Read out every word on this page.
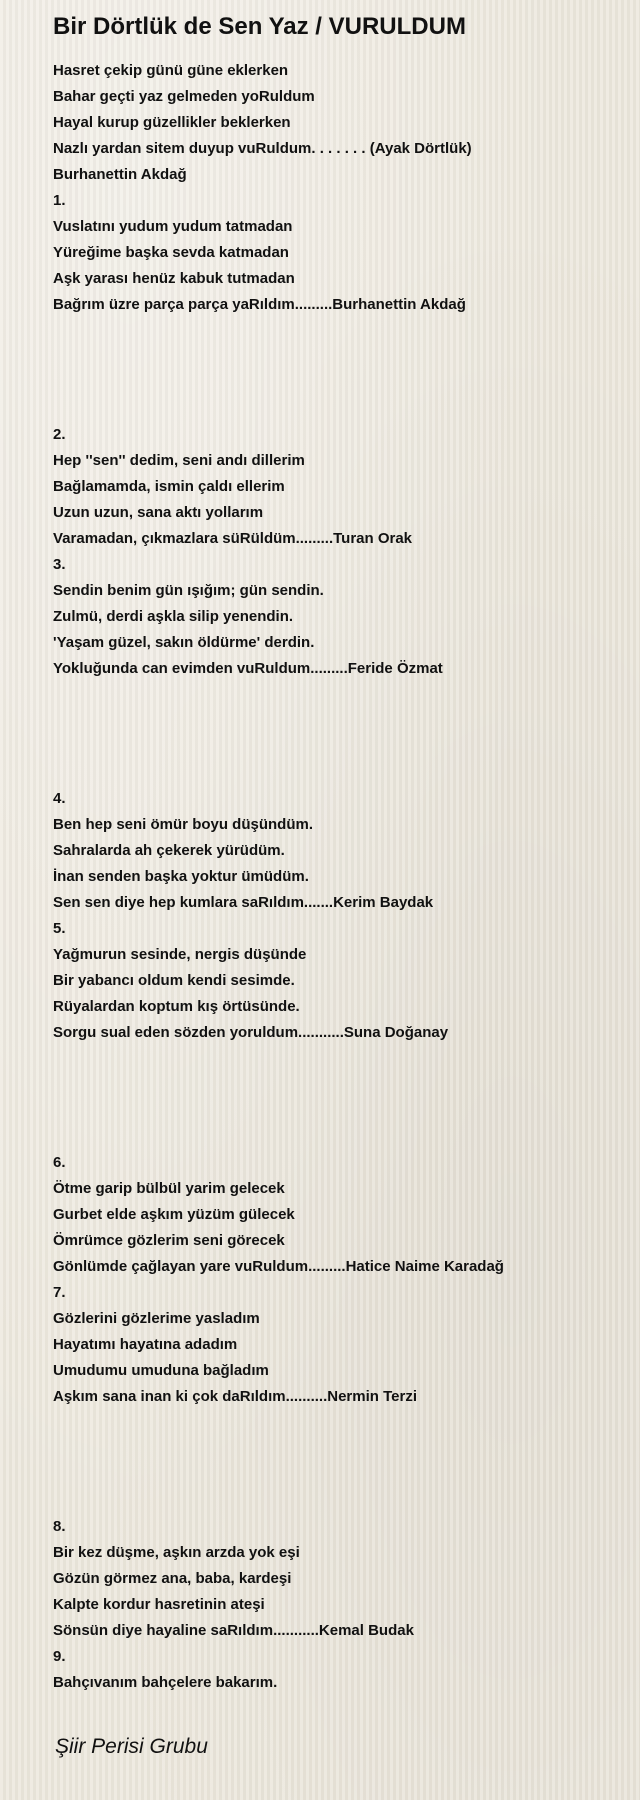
Bir Dörtlük de Sen Yaz / VURULDUM
Hasret çekip günü güne eklerken
Bahar geçti yaz gelmeden yoRuldum
Hayal kurup güzellikler beklerken
Nazlı yardan sitem duyup vuRuldum. . . . . . . (Ayak Dörtlük)
Burhanettin Akdağ
1.
Vuslatını yudum yudum tatmadan
Yüreğime başka sevda katmadan
Aşk yarası henüz kabuk tutmadan
Bağrım üzre parça parça yaRıldım.........Burhanettin Akdağ
2.
Hep ''sen'' dedim, seni andı dillerim
Bağlamamda, ismin çaldı ellerim
Uzun uzun, sana aktı yollarım
Varamadan, çıkmazlara süRüldüm.........Turan Orak
3.
Sendin benim gün ışığım; gün sendin.
Zulmü, derdi aşkla silip yenendin.
'Yaşam güzel, sakın öldürme' derdin.
Yokluğunda can evimden vuRuldum.........Feride Özmat
4.
Ben hep seni ömür boyu düşündüm.
Sahralarda ah çekerek yürüdüm.
İnan senden başka yoktur ümüdüm.
Sen sen diye hep kumlara saRıldım.......Kerim Baydak
5.
Yağmurun sesinde, nergis düşünde
Bir yabancı oldum kendi sesimde.
Rüyalardan koptum kış örtüsünde.
Sorgu sual eden sözden yoruldum...........Suna Doğanay
6.
Ötme garip bülbül yarim gelecek
Gurbet elde aşkım yüzüm gülecek
Ömrümce gözlerim seni görecek
Gönlümde çağlayan yare vuRuldum.........Hatice Naime Karadağ
7.
Gözlerini gözlerime yasladım
Hayatımı hayatına adadım
Umudumu umuduna bağladım
Aşkım sana inan ki çok daRıldım..........Nermin Terzi
8.
Bir kez düşme, aşkın arzda yok eşi
Gözün görmez ana, baba, kardeşi
Kalpte kordur hasretinin ateşi
Sönsün diye hayaline saRıldım...........Kemal Budak
9.
Bahçıvanım bahçelere bakarım.
Şiir Perisi Grubu
